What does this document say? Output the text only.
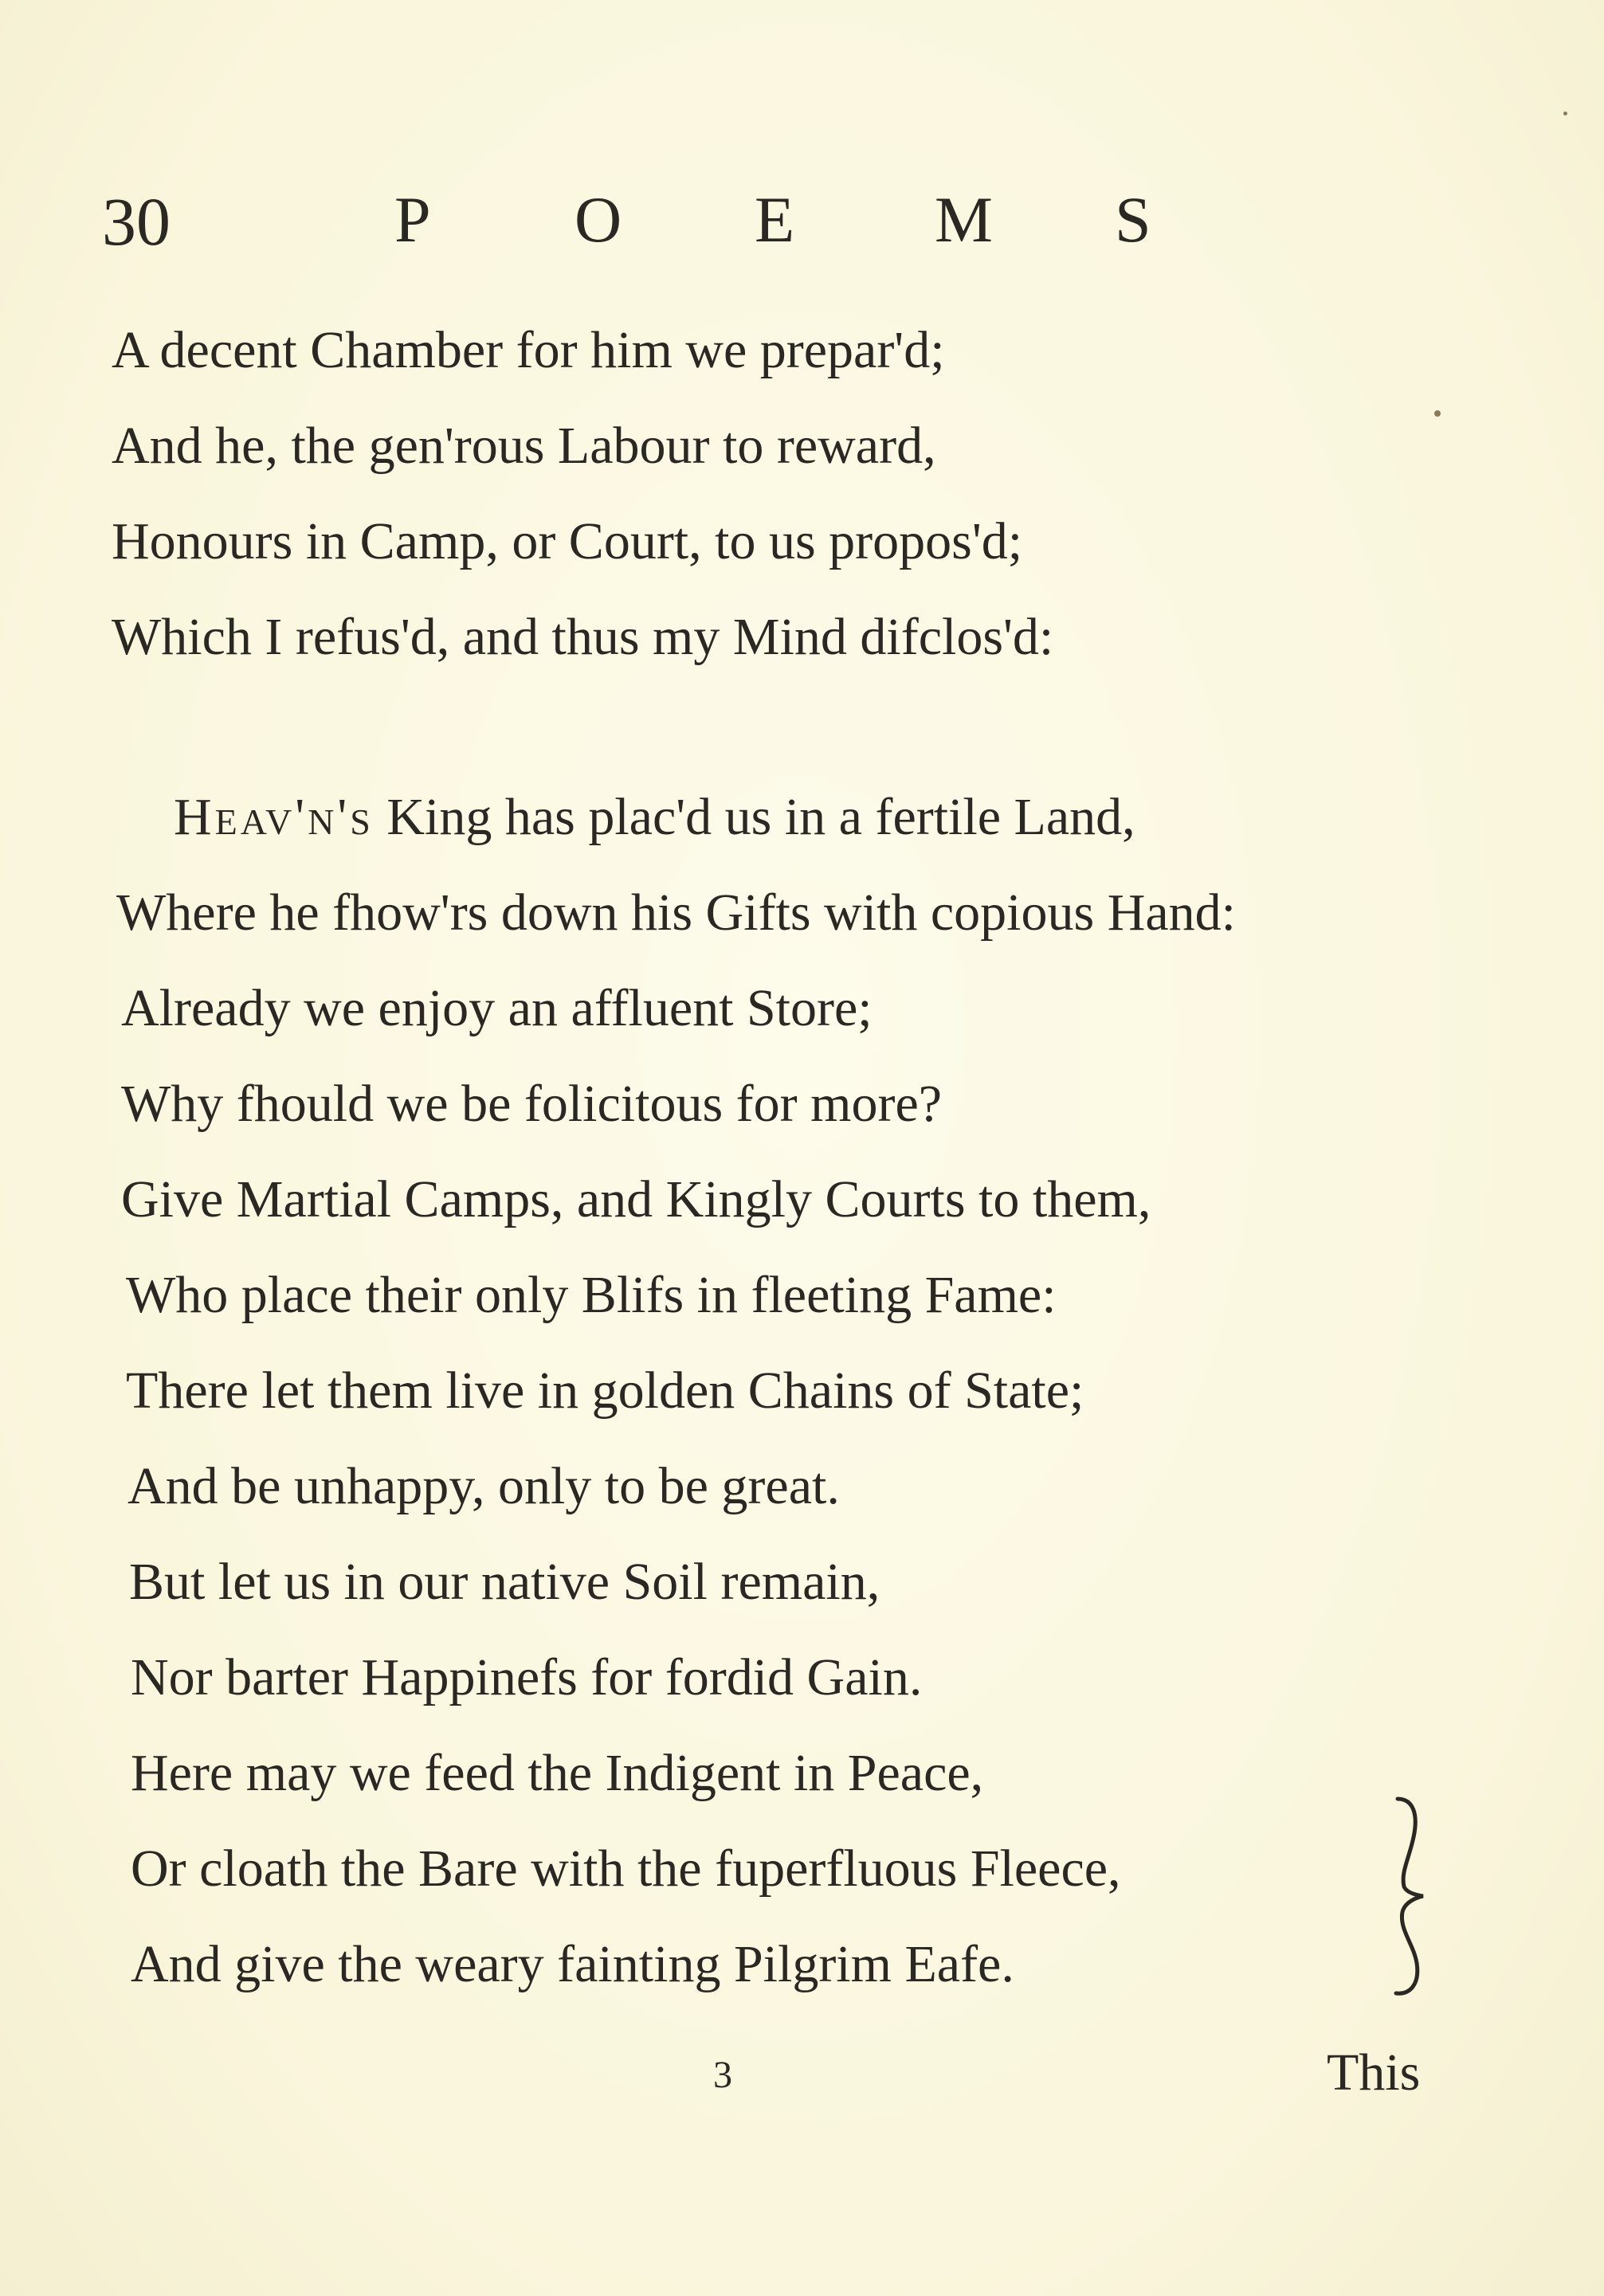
30	P	O	E	M	S
A decent Chamber for him we prepar'd;
And he, the gen'rous Labour to reward,
Honours in Camp, or Court, to us propos'd;
Which I refus'd, and thus my Mind difclos'd:
Heav'n's King has plac'd us in a fertile Land,
Where he fhow'rs down his Gifts with copious Hand:
Already we enjoy an affluent Store;
Why fhould we be folicitous for more?
Give Martial Camps, and Kingly Courts to them,
Who place their only Blifs in fleeting Fame:
There let them live in golden Chains of State;
And be unhappy, only to be great.
But let us in our native Soil remain,
Nor barter Happinefs for fordid Gain.
Here may we feed the Indigent in Peace,
Or cloath the Bare with the fuperfluous Fleece,
And give the weary fainting Pilgrim Eafe.
3	This
